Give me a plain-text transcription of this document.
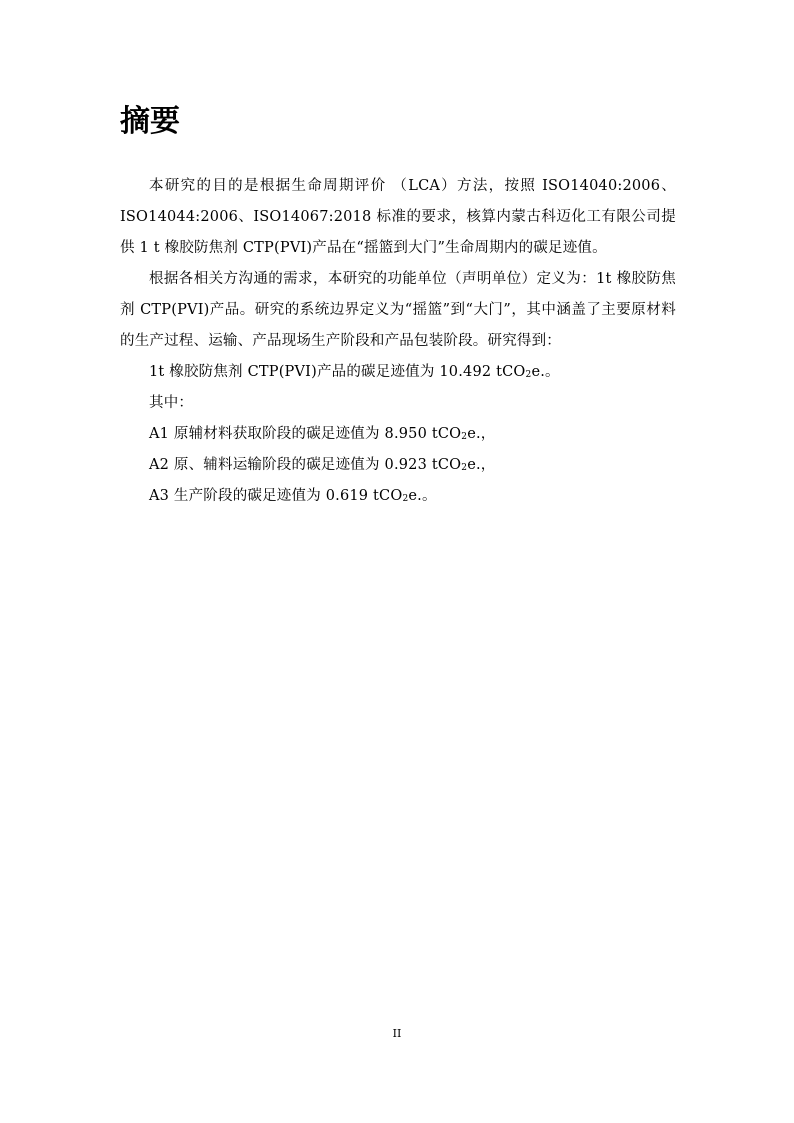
摘要

本研究的目的是根据生命周期评价 （LCA）方法，按照 ISO14040:2006、ISO14044:2006、ISO14067:2018 标准的要求，核算内蒙古科迈化工有限公司提供 1 t 橡胶防焦剂 CTP(PVI)产品在“摇篮到大门”生命周期内的碳足迹值。

根据各相关方沟通的需求，本研究的功能单位（声明单位）定义为：1t 橡胶防焦剂 CTP(PVI)产品。研究的系统边界定义为“摇篮”到“大门”，其中涵盖了主要原材料的生产过程、运输、产品现场生产阶段和产品包装阶段。研究得到：

1t 橡胶防焦剂 CTP(PVI)产品的碳足迹值为 10.492 tCO$_2$e.。

其中：

A1 原辅材料获取阶段的碳足迹值为 8.950 tCO$_2$e.，

A2 原、辅料运输阶段的碳足迹值为 0.923 tCO$_2$e.，

A3 生产阶段的碳足迹值为 0.619 tCO$_2$e.。

II
